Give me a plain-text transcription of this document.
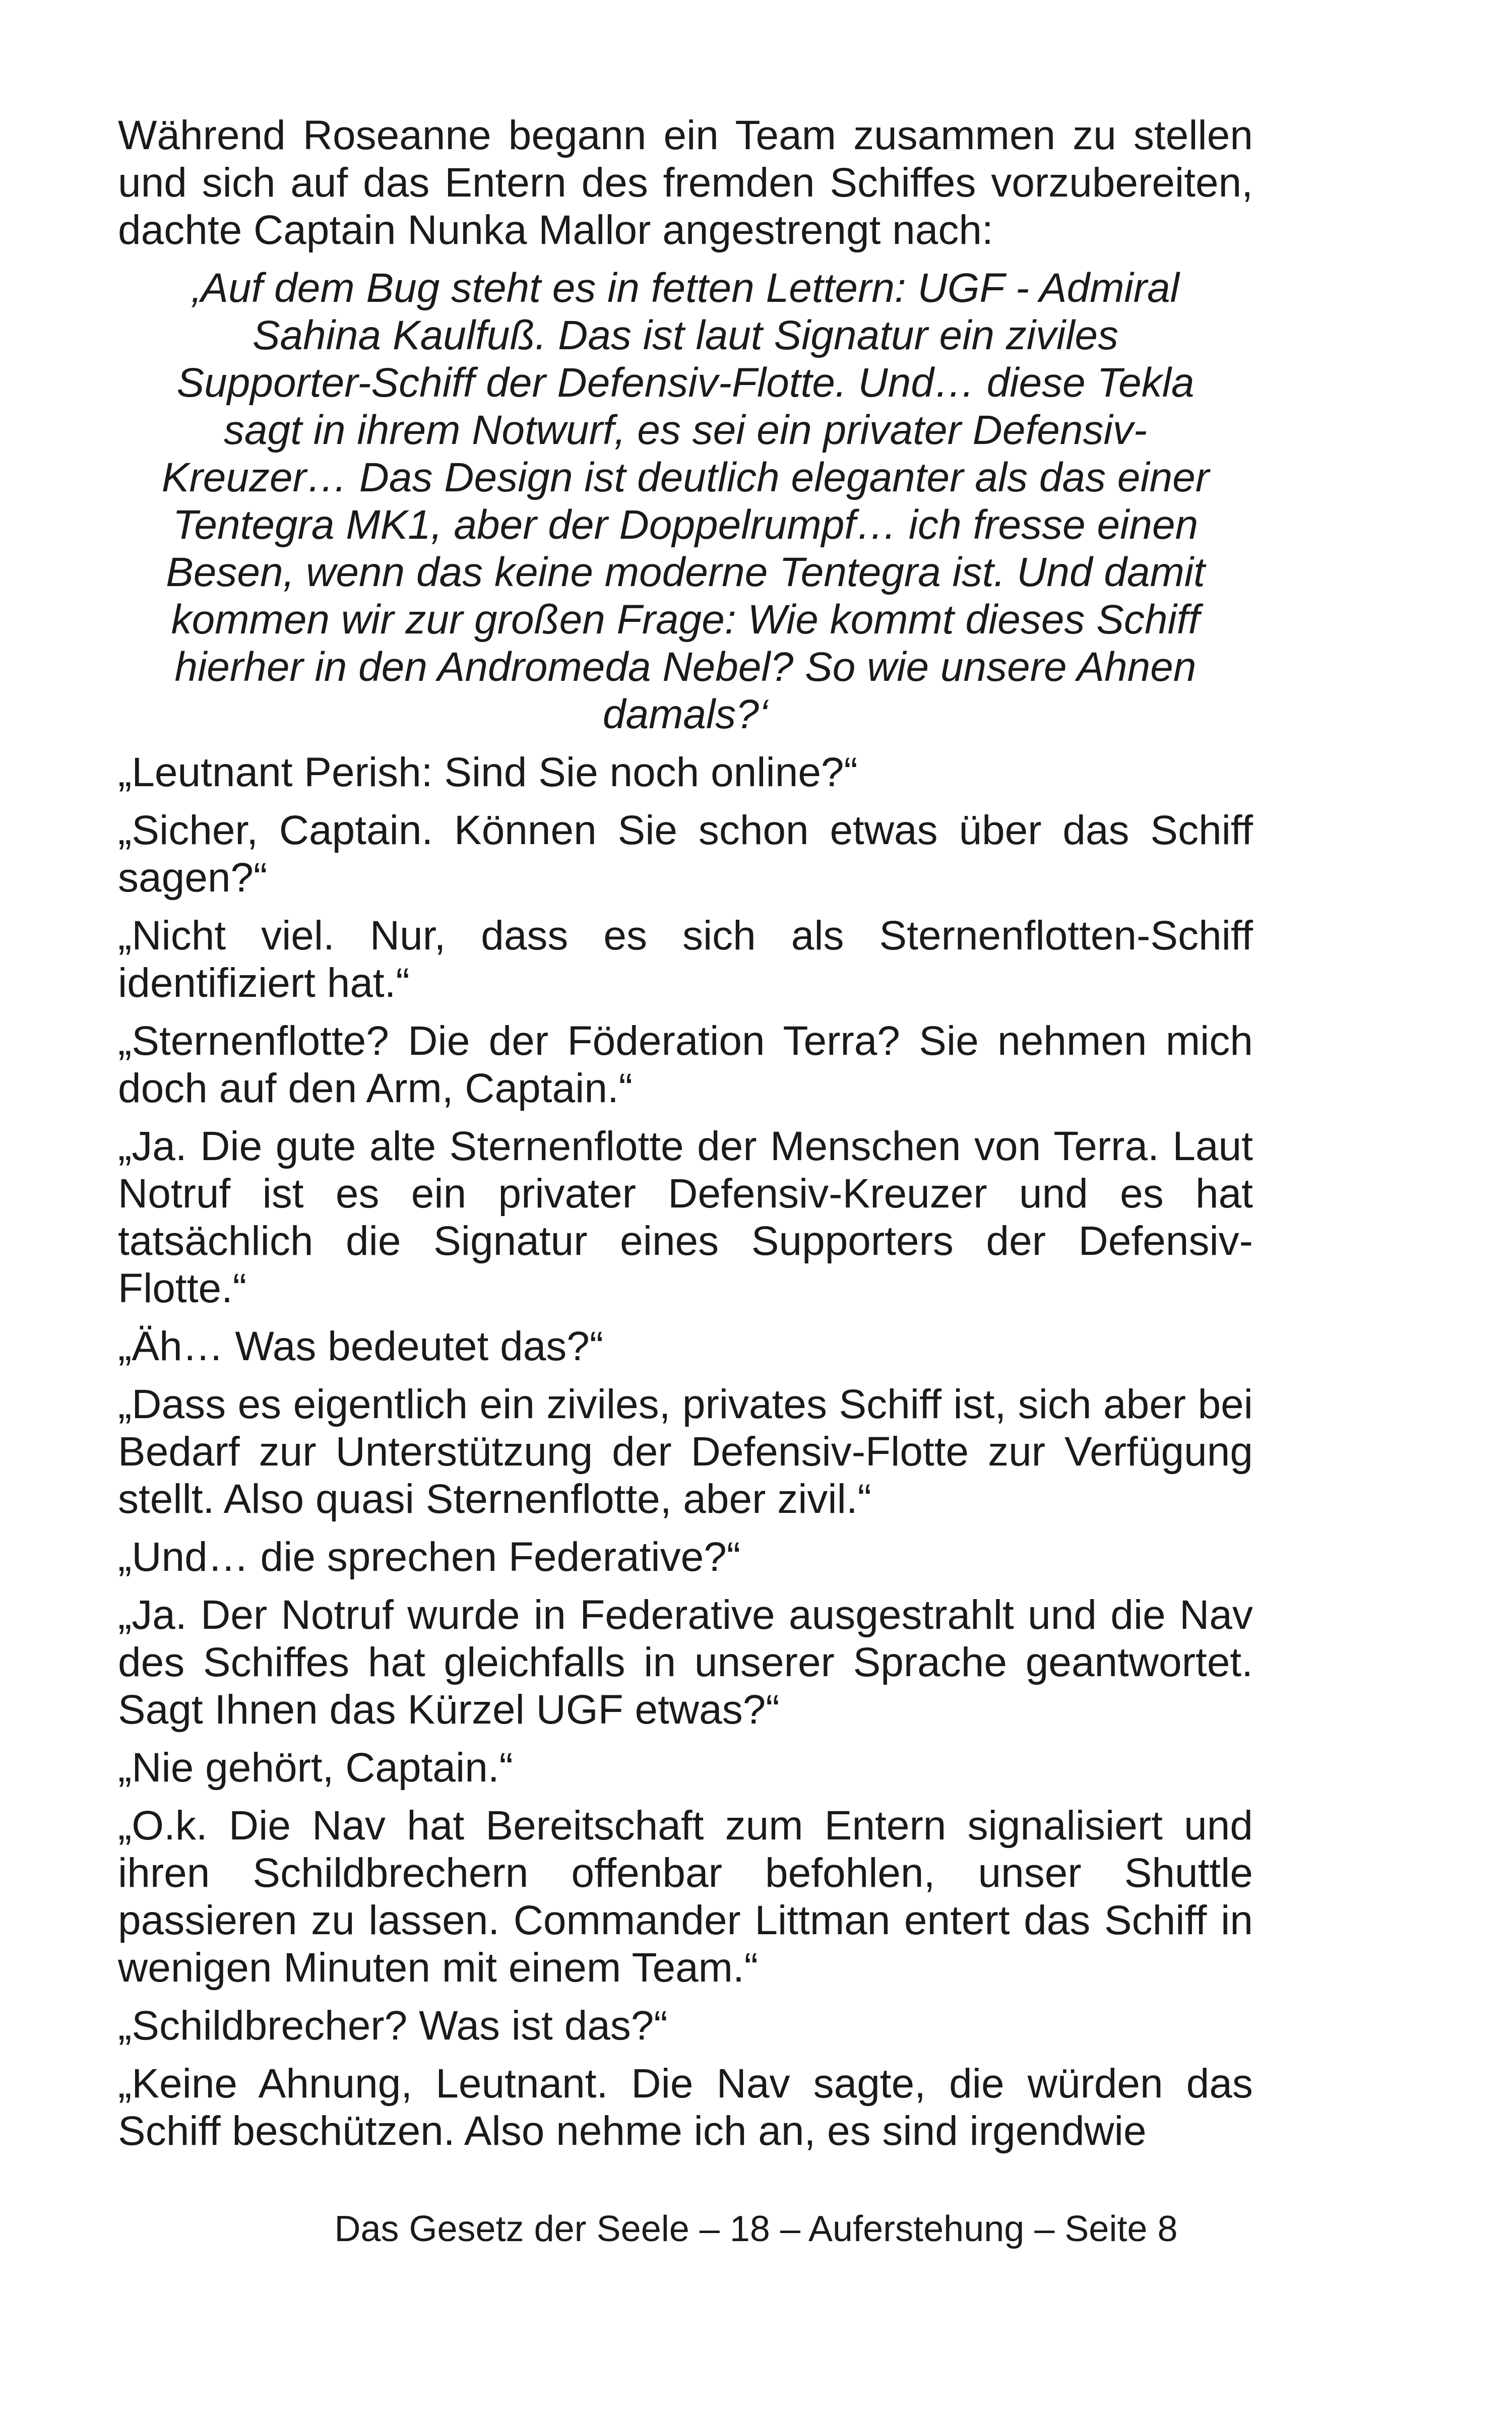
Während Roseanne begann ein Team zusammen zu stellen und sich auf das Entern des fremden Schiffes vorzubereiten, dachte Captain Nunka Mallor angestrengt nach:

‚Auf dem Bug steht es in fetten Lettern: UGF - Admiral Sahina Kaulfuß. Das ist laut Signatur ein ziviles Supporter-Schiff der Defensiv-Flotte. Und… diese Tekla sagt in ihrem Notwurf, es sei ein privater Defensiv-Kreuzer… Das Design ist deutlich eleganter als das einer Tentegra MK1, aber der Doppelrumpf… ich fresse einen Besen, wenn das keine moderne Tentegra ist. Und damit kommen wir zur großen Frage: Wie kommt dieses Schiff hierher in den Andromeda Nebel? So wie unsere Ahnen damals?‘

„Leutnant Perish: Sind Sie noch online?“

„Sicher, Captain. Können Sie schon etwas über das Schiff sagen?“

„Nicht viel. Nur, dass es sich als Sternenflotten-Schiff identifiziert hat.“

„Sternenflotte? Die der Föderation Terra? Sie nehmen mich doch auf den Arm, Captain.“

„Ja. Die gute alte Sternenflotte der Menschen von Terra. Laut Notruf ist es ein privater Defensiv-Kreuzer und es hat tatsächlich die Signatur eines Supporters der Defensiv-Flotte.“

„Äh… Was bedeutet das?“

„Dass es eigentlich ein ziviles, privates Schiff ist, sich aber bei Bedarf zur Unterstützung der Defensiv-Flotte zur Verfügung stellt. Also quasi Sternenflotte, aber zivil.“

„Und… die sprechen Federative?“

„Ja. Der Notruf wurde in Federative ausgestrahlt und die Nav des Schiffes hat gleichfalls in unserer Sprache geantwortet. Sagt Ihnen das Kürzel UGF etwas?“

„Nie gehört, Captain.“

„O.k. Die Nav hat Bereitschaft zum Entern signalisiert und ihren Schildbrechern offenbar befohlen, unser Shuttle passieren zu lassen. Commander Littman entert das Schiff in wenigen Minuten mit einem Team.“

„Schildbrecher? Was ist das?“

„Keine Ahnung, Leutnant. Die Nav sagte, die würden das Schiff beschützen. Also nehme ich an, es sind irgendwie

Das Gesetz der Seele – 18 – Auferstehung – Seite 8
